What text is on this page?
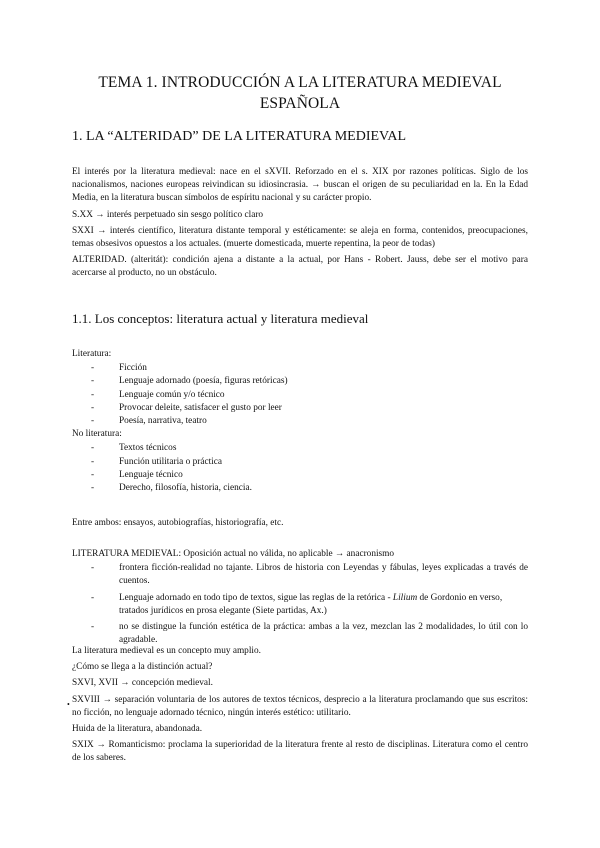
TEMA 1. INTRODUCCIÓN A LA LITERATURA MEDIEVAL ESPAÑOLA
1. LA “ALTERIDAD” DE LA LITERATURA MEDIEVAL

El interés por la literatura medieval: nace en el sXVII. Reforzado en el s. XIX por razones políticas. Siglo de los nacionalismos, naciones europeas reivindican su idiosincrasia. → buscan el origen de su peculiaridad en la. En la Edad Media, en la literatura buscan símbolos de espíritu nacional y su carácter propio.

S.XX → interés perpetuado sin sesgo político claro

SXXI → interés científico, literatura distante temporal y estéticamente: se aleja en forma, contenidos, preocupaciones, temas obsesivos opuestos a los actuales. (muerte domesticada, muerte repentina, la peor de todas)

ALTERIDAD. (alteritát): condición ajena a distante a la actual, por Hans - Robert. Jauss, debe ser el motivo para acercarse al producto, no un obstáculo.

1.1. Los conceptos: literatura actual y literatura medieval

Literatura:

-	Ficción
-	Lenguaje adornado (poesía, figuras retóricas)
-	Lenguaje común y/o técnico
-	Provocar deleite, satisfacer el gusto por leer
-	Poesía, narrativa, teatro

No literatura:

-	Textos técnicos
-	Función utilitaria o práctica
-	Lenguaje técnico
-	Derecho, filosofía, historia, ciencia.
Entre ambos: ensayos, autobiografías, historiografía, etc.

LITERATURA MEDIEVAL: Oposición actual no válida, no aplicable → anacronismo

-	frontera ficción-realidad no tajante. Libros de historia con Leyendas y fábulas, leyes explicadas a través de cuentos.
-	Lenguaje adornado en todo tipo de textos, sigue las reglas de la retórica - Lilium de Gordonio en verso,
tratados jurídicos en prosa elegante (Siete partidas, Ax.)
-	no se distingue la función estética de la práctica: ambas a la vez, mezclan las 2 modalidades, lo útil con lo agradable.

La literatura medieval es un concepto muy amplio.

¿Cómo se llega a la distinción actual?

SXVI, XVII → concepción medieval.

SXVIII → separación voluntaria de los autores de textos técnicos, desprecio a la literatura proclamando que sus escritos: no ficción, no lenguaje adornado técnico, ningún interés estético: utilitario.

Huida de la literatura, abandonada.

SXIX → Romanticismo: proclama la superioridad de la literatura frente al resto de disciplinas. Literatura como el centro de los saberes.

•
